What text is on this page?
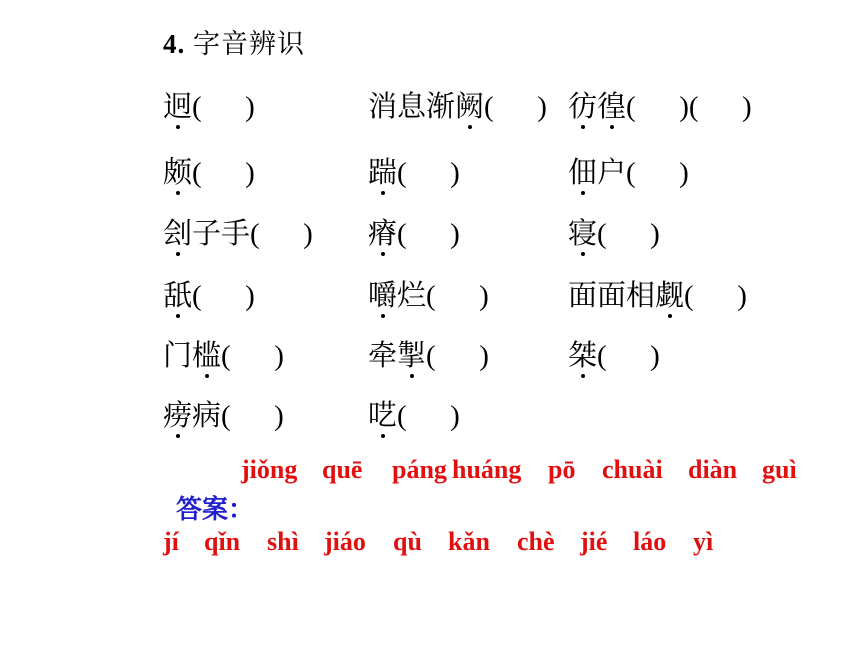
4. 字音辨识
迥(      )	消息渐阙(      ) 彷徨(      )(      )
颇(      )	踹(      )	佃户(      )
刽子手(      ) 瘠(      )	寝(      )
舐(      )	嚼烂(      )	面面相觑(      )
门槛(      )	牵掣(      )	桀(      )
痨病(      )	呓(      )

答案：

jiǒng quē páng huáng pō chuài diàn guì
jí qǐn shì jiáo qù kǎn chè jié láo yì
